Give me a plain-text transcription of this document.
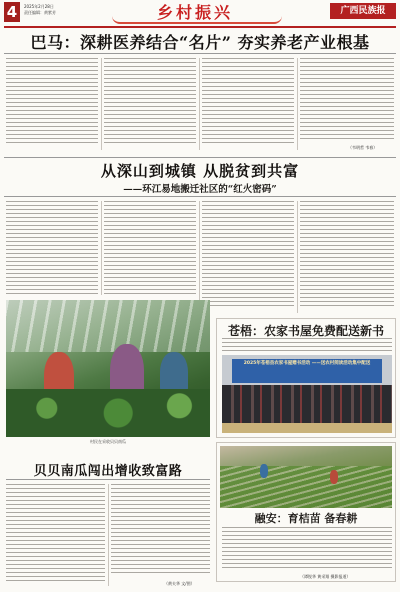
4	2025年2月28日
责任编辑：黄紫芳	乡村振兴	广西民族报
巴马：深耕医养结合“名片” 夯实养老产业根基
（韦明哲 韦春）
从深山到城镇 从脱贫到共富
——环江易地搬迁社区的“红火密码”
村民在采收贝贝南瓜
贝贝南瓜闯出增收致富路
（黄夫华 文/图）
苍梧：农家书屋免费配送新书
2025年苍梧县农家书屋赠书活动 ——送农村阅读活动集中配送
融安：育桔苗 备春耕
（谭锐华 黄采翔 摄影报道）
